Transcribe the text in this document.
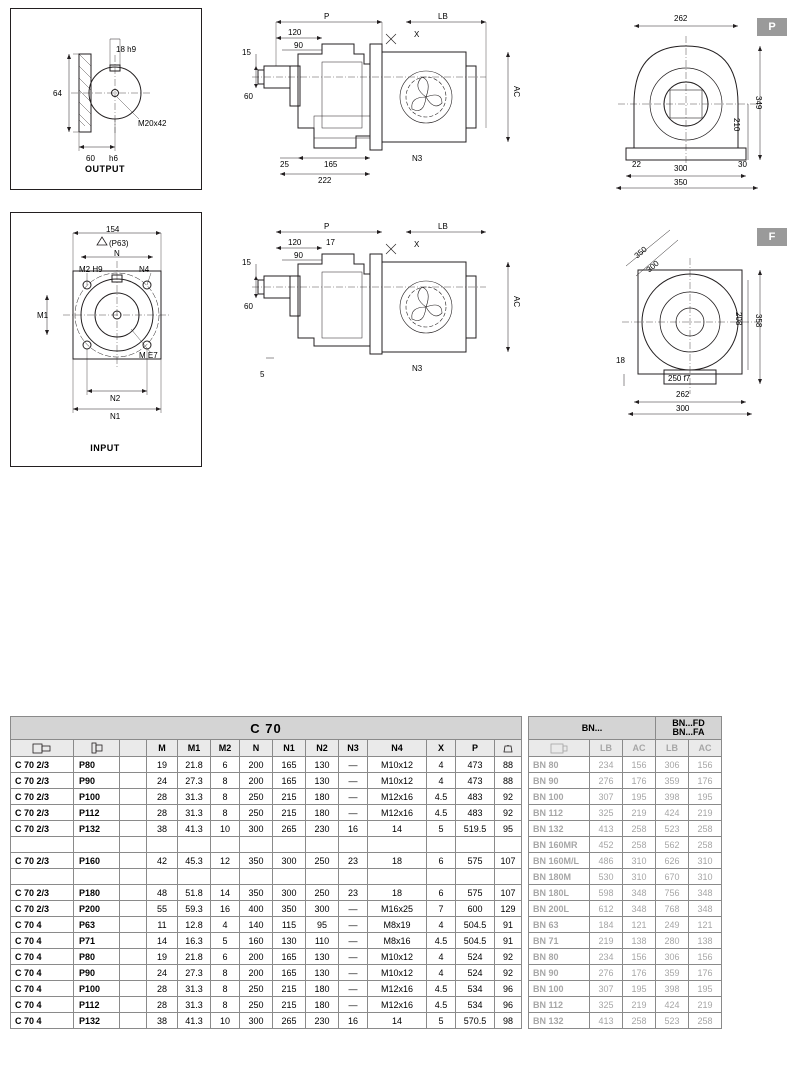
18 h9
64
M20x42
60 h6
OUTPUT
154
(P63)
N
M2 H9	N4
M1
M E7
N2
N1
INPUT
P	LB
120
90
15
60
X
AC
25	165
N3
222
262
349
210
22	30
300
350
P
P	LB
120	17
90
15
60
X
AC
5
N3
350
300
358
208
18
250 f7
262
300
F
C 70															BN...			BN...FD
BN...FA	

		M	M1	M2	N	N1	N2	N3	N4	X	P				LB	AC	LB	AC
C 70 2/3	P80		19	21.8	6	200	165	130	—	M10x12	4	473	88		BN 80	234	156	306	156
C 70 2/3	P90		24	27.3	8	200	165	130	—	M10x12	4	473	88		BN 90	276	176	359	176
C 70 2/3	P100		28	31.3	8	250	215	180	—	M12x16	4.5	483	92		BN 100	307	195	398	195
C 70 2/3	P112		28	31.3	8	250	215	180	—	M12x16	4.5	483	92		BN 112	325	219	424	219
C 70 2/3	P132		38	41.3	10	300	265	230	16	14	5	519.5	95		BN 132	413	258	523	258
															BN 160MR	452	258	562	258
C 70 2/3	P160		42	45.3	12	350	300	250	23	18	6	575	107		BN 160M/L	486	310	626	310
															BN 180M	530	310	670	310
C 70 2/3	P180		48	51.8	14	350	300	250	23	18	6	575	107		BN 180L	598	348	756	348
C 70 2/3	P200		55	59.3	16	400	350	300	—	M16x25	7	600	129		BN 200L	612	348	768	348
C 70 4	P63		11	12.8	4	140	115	95	—	M8x19	4	504.5	91		BN 63	184	121	249	121
C 70 4	P71		14	16.3	5	160	130	110	—	M8x16	4.5	504.5	91		BN 71	219	138	280	138
C 70 4	P80		19	21.8	6	200	165	130	—	M10x12	4	524	92		BN 80	234	156	306	156
C 70 4	P90		24	27.3	8	200	165	130	—	M10x12	4	524	92		BN 90	276	176	359	176
C 70 4	P100		28	31.3	8	250	215	180	—	M12x16	4.5	534	96		BN 100	307	195	398	195
C 70 4	P112		28	31.3	8	250	215	180	—	M12x16	4.5	534	96		BN 112	325	219	424	219
C 70 4	P132		38	41.3	10	300	265	230	16	14	5	570.5	98		BN 132	413	258	523	258
